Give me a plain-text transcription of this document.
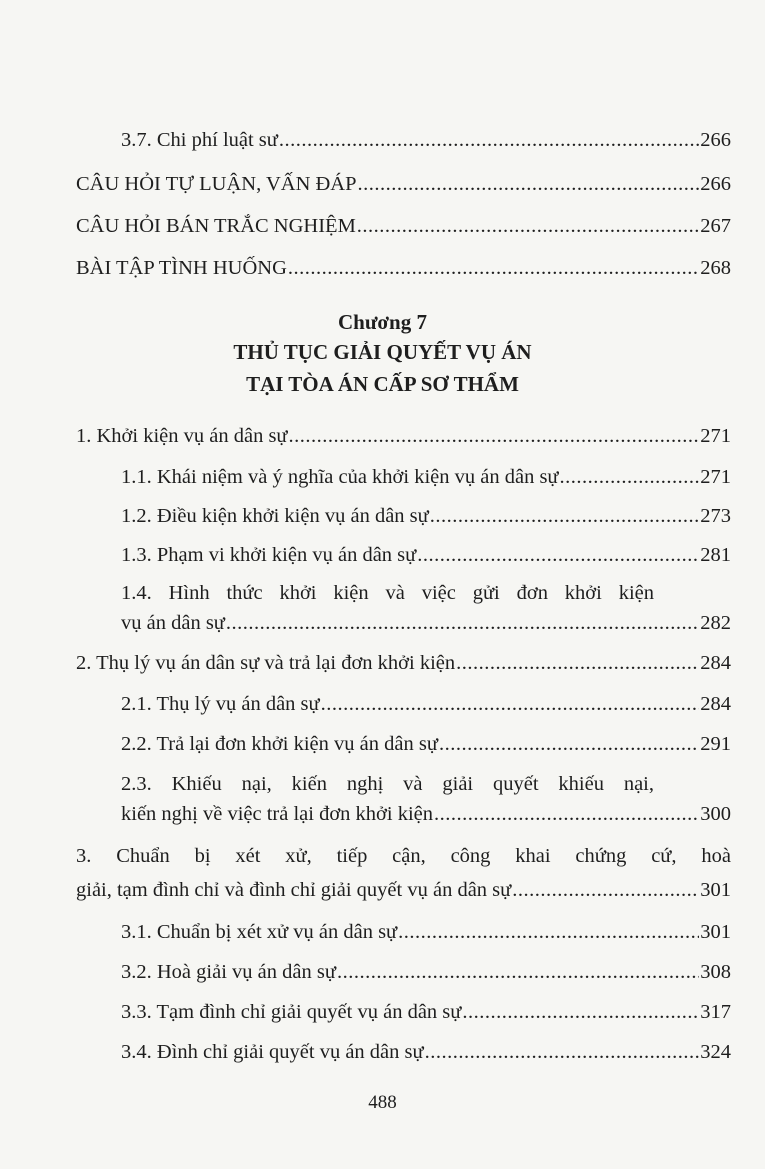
3.7. Chi phí luật sư .....	266
CÂU HỎI TỰ LUẬN, VẤN ĐÁP .....	266
CÂU HỎI BÁN TRẮC NGHIỆM .....	267
BÀI TẬP TÌNH HUỐNG .....	268
Chương 7
THỦ TỤC GIẢI QUYẾT VỤ ÁN
TẠI TÒA ÁN CẤP SƠ THẨM
1. Khởi kiện vụ án dân sự .....	271
1.1. Khái niệm và ý nghĩa của khởi kiện vụ án dân sự .....	271
1.2. Điều kiện khởi kiện vụ án dân sự .....	273
1.3. Phạm vi khởi kiện vụ án dân sự .....	281
1.4. Hình thức khởi kiện và việc gửi đơn khởi kiện
vụ án dân sự .....	282
2. Thụ lý vụ án dân sự và trả lại đơn khởi kiện .....	284
2.1. Thụ lý vụ án dân sự .....	284
2.2. Trả lại đơn khởi kiện vụ án dân sự .....	291
2.3. Khiếu nại, kiến nghị và giải quyết khiếu nại,
kiến nghị về việc trả lại đơn khởi kiện .....	300
3. Chuẩn bị xét xử, tiếp cận, công khai chứng cứ, hoà
giải, tạm đình chỉ và đình chỉ giải quyết vụ án dân sự .....	301
3.1. Chuẩn bị xét xử vụ án dân sự .....	301
3.2. Hoà giải vụ án dân sự .....	308
3.3. Tạm đình chỉ giải quyết vụ án dân sự .....	317
3.4. Đình chỉ giải quyết vụ án dân sự .....	324
488
